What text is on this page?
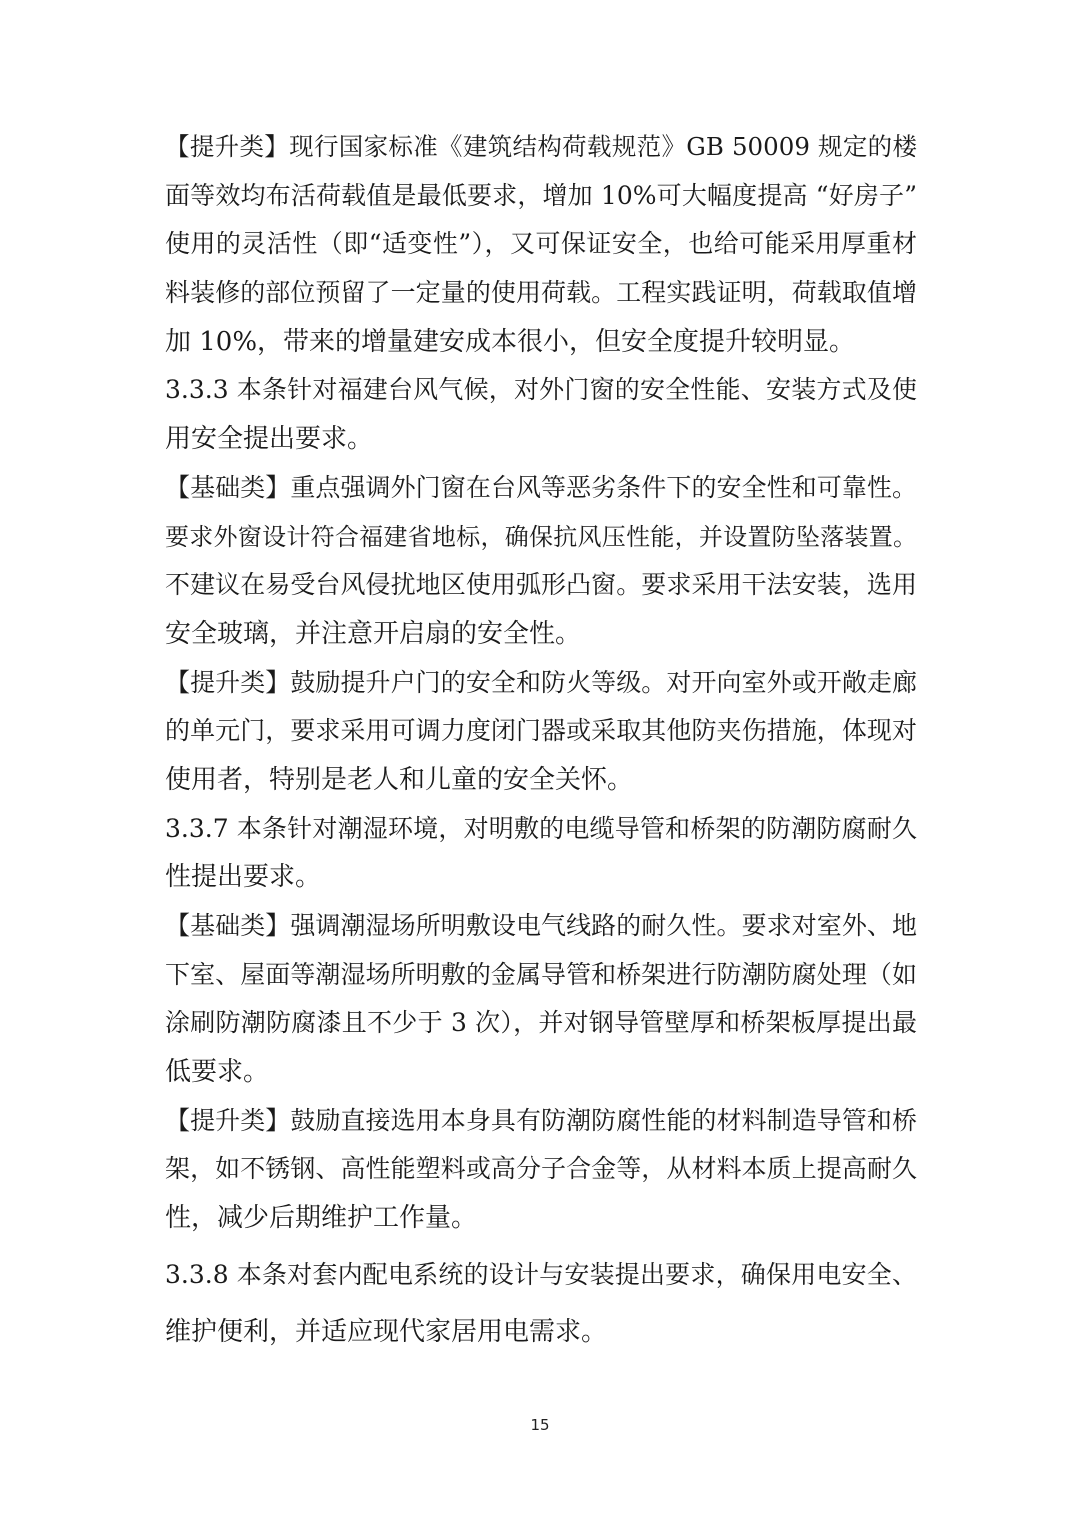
【提升类】现行国家标准《建筑结构荷载规范》GB 50009 规定的楼
面等效均布活荷载值是最低要求，增加 10%可大幅度提高 “好房子”
使用的灵活性（即“适变性”），又可保证安全，也给可能采用厚重材
料装修的部位预留了一定量的使用荷载。工程实践证明，荷载取值增
加 10%，带来的增量建安成本很小，但安全度提升较明显。
3.3.3 本条针对福建台风气候，对外门窗的安全性能、安装方式及使
用安全提出要求。
【基础类】重点强调外门窗在台风等恶劣条件下的安全性和可靠性。
要求外窗设计符合福建省地标，确保抗风压性能，并设置防坠落装置。
不建议在易受台风侵扰地区使用弧形凸窗。要求采用干法安装，选用
安全玻璃，并注意开启扇的安全性。
【提升类】鼓励提升户门的安全和防火等级。对开向室外或开敞走廊
的单元门，要求采用可调力度闭门器或采取其他防夹伤措施，体现对
使用者，特别是老人和儿童的安全关怀。
3.3.7 本条针对潮湿环境，对明敷的电缆导管和桥架的防潮防腐耐久
性提出要求。
【基础类】强调潮湿场所明敷设电气线路的耐久性。要求对室外、地
下室、屋面等潮湿场所明敷的金属导管和桥架进行防潮防腐处理（如
涂刷防潮防腐漆且不少于 3 次），并对钢导管壁厚和桥架板厚提出最
低要求。
【提升类】鼓励直接选用本身具有防潮防腐性能的材料制造导管和桥
架，如不锈钢、高性能塑料或高分子合金等，从材料本质上提高耐久
性，减少后期维护工作量。
3.3.8 本条对套内配电系统的设计与安装提出要求，确保用电安全、
维护便利，并适应现代家居用电需求。
15
